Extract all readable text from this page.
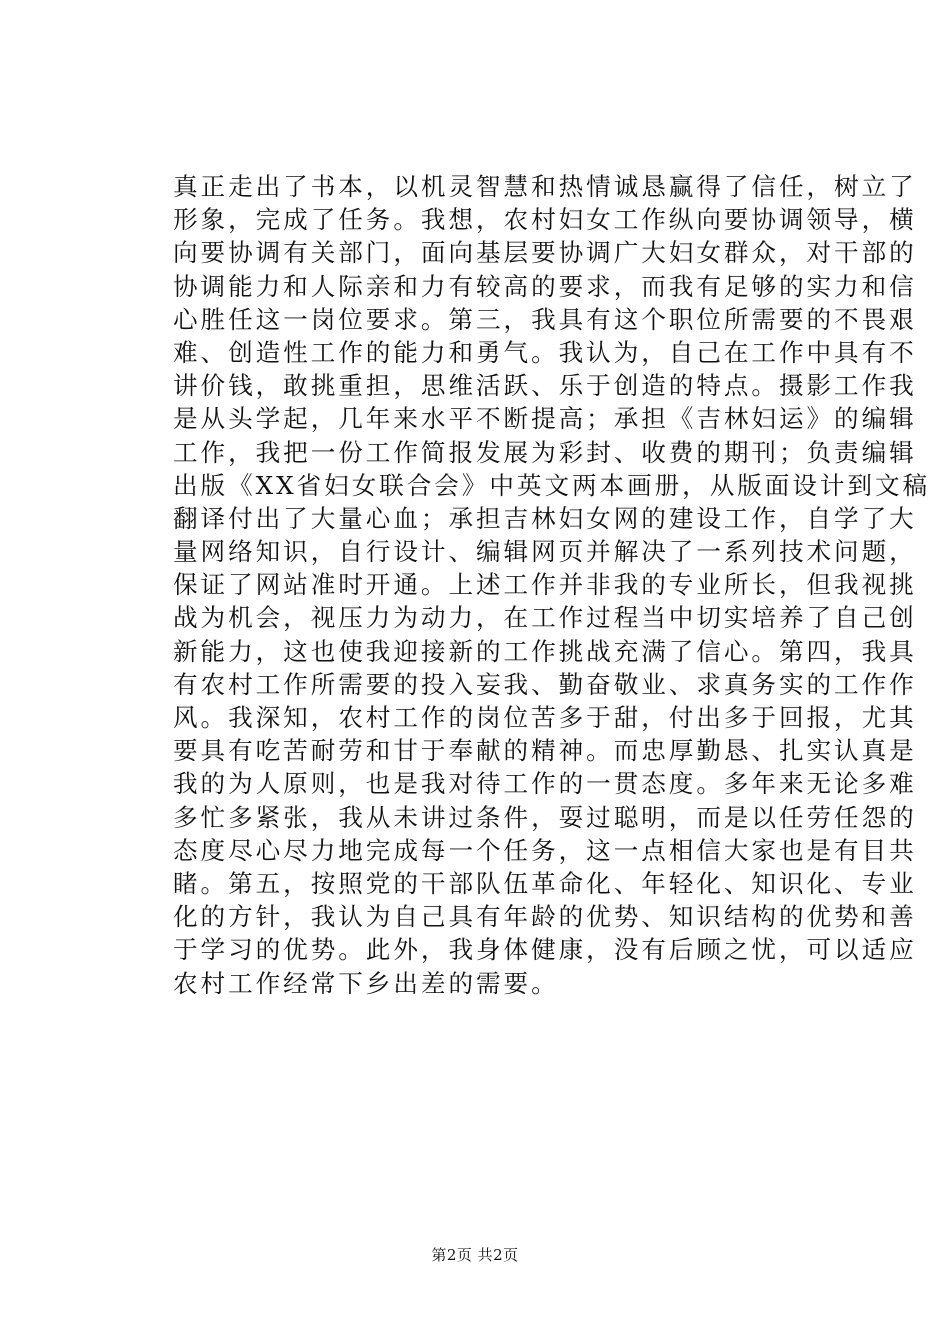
真正走出了书本，以机灵智慧和热情诚恳赢得了信任，树立了
形象，完成了任务。我想，农村妇女工作纵向要协调领导，横
向要协调有关部门，面向基层要协调广大妇女群众，对干部的
协调能力和人际亲和力有较高的要求，而我有足够的实力和信
心胜任这一岗位要求。第三，我具有这个职位所需要的不畏艰
难、创造性工作的能力和勇气。我认为，自己在工作中具有不
讲价钱，敢挑重担，思维活跃、乐于创造的特点。摄影工作我
是从头学起，几年来水平不断提高；承担《吉林妇运》的编辑
工作，我把一份工作简报发展为彩封、收费的期刊；负责编辑
出版《XX省妇女联合会》中英文两本画册，从版面设计到文稿
翻译付出了大量心血；承担吉林妇女网的建设工作，自学了大
量网络知识，自行设计、编辑网页并解决了一系列技术问题，
保证了网站准时开通。上述工作并非我的专业所长，但我视挑
战为机会，视压力为动力，在工作过程当中切实培养了自己创
新能力，这也使我迎接新的工作挑战充满了信心。第四，我具
有农村工作所需要的投入妄我、勤奋敬业、求真务实的工作作
风。我深知，农村工作的岗位苦多于甜，付出多于回报，尤其
要具有吃苦耐劳和甘于奉献的精神。而忠厚勤恳、扎实认真是
我的为人原则，也是我对待工作的一贯态度。多年来无论多难
多忙多紧张，我从未讲过条件，耍过聪明，而是以任劳任怨的
态度尽心尽力地完成每一个任务，这一点相信大家也是有目共
睹。第五，按照党的干部队伍革命化、年轻化、知识化、专业
化的方针，我认为自己具有年龄的优势、知识结构的优势和善
于学习的优势。此外，我身体健康，没有后顾之忧，可以适应
农村工作经常下乡出差的需要。
第2页 共2页
